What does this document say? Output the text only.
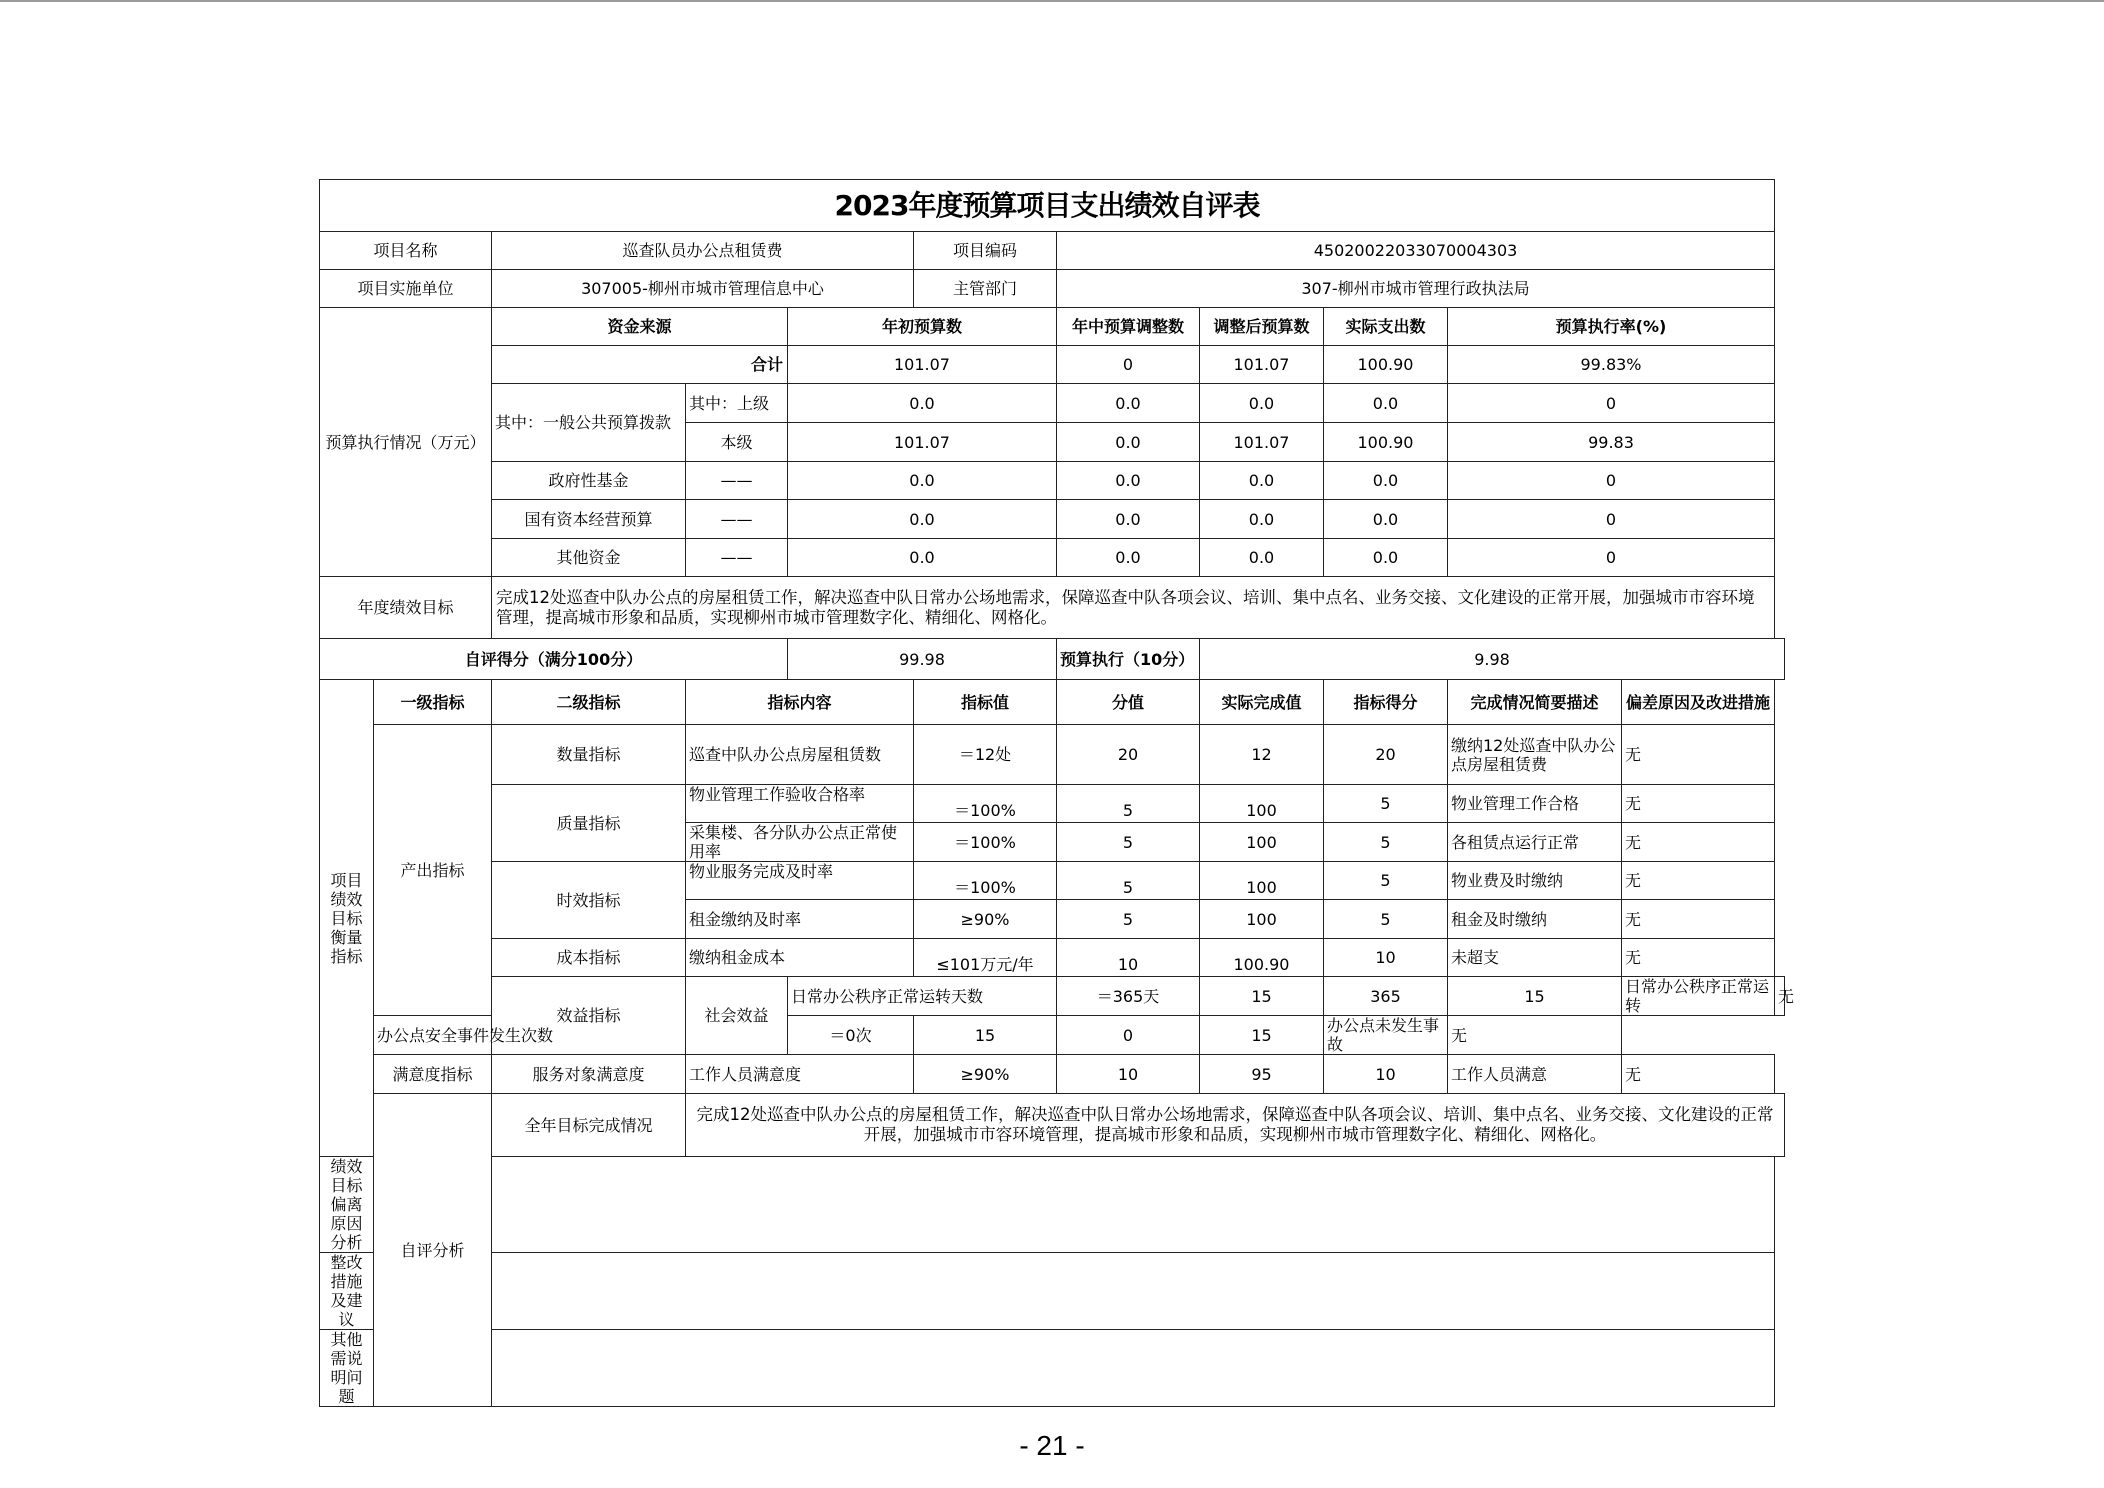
2023年度预算项目支出绩效自评表											
项目名称		巡查队员办公点租赁费			项目编码	45020022033070004303					
项目实施单位		307005-柳州市城市管理信息中心			主管部门	307-柳州市城市管理行政执法局					
预算执行情况（万元）		资金来源		年初预算数		年中预算调整数	调整后预算数	实际支出数	预算执行率(%)		
		合计		101.07		0	101.07	100.90	99.83%		
		其中：一般公共预算拨款	其中：上级	0.0		0.0	0.0	0.0	0		
			本级	101.07		0.0	101.07	100.90	99.83		
		政府性基金	——	0.0		0.0	0.0	0.0	0		
		国有资本经营预算	——	0.0		0.0	0.0	0.0	0		
		其他资金	——	0.0		0.0	0.0	0.0	0		
年度绩效目标		完成12处巡查中队办公点的房屋租赁工作，解决巡查中队日常办公场地需求，保障巡查中队各项会议、培训、集中点名、业务交接、文化建设的正常开展，加强城市市容环境管理，提高城市形象和品质，实现柳州市城市管理数字化、精细化、网格化。									
自评得分（满分100分）				99.98		预算执行（10分）	9.98				
项目绩效目标衡量指标	一级指标	二级指标	指标内容		指标值	分值	实际完成值	指标得分	完成情况简要描述	偏差原因及改进措施	
	产出指标	数量指标	巡查中队办公点房屋租赁数		＝12处	20	12	20	缴纳12处巡查中队办公点房屋租赁费	无	
		质量指标	物业管理工作验收合格率		＝100%	5	100	5	物业管理工作合格	无	
			采集楼、各分队办公点正常使用率		＝100%	5	100	5	各租赁点运行正常	无	
		时效指标	物业服务完成及时率		＝100%	5	100	5	物业费及时缴纳	无	
			租金缴纳及时率		≥90%	5	100	5	租金及时缴纳	无	
		成本指标	缴纳租金成本		≤101万元/年	10	100.90	10	未超支	无	
		效益指标	社会效益	日常办公秩序正常运转天数		＝365天	15	365	15	日常办公秩序正常运转	无
	办公点安全事件发生次数			＝0次	15	0	15	办公点未发生事故	无		
	满意度指标	服务对象满意度	工作人员满意度		≥90%	10	95	10	工作人员满意	无	
	自评分析	全年目标完成情况	完成12处巡查中队办公点的房屋租赁工作，解决巡查中队日常办公场地需求，保障巡查中队各项会议、培训、集中点名、业务交接、文化建设的正常开展，加强城市市容环境管理，提高城市形象和品质，实现柳州市城市管理数字化、精细化、网格化。								
绩效目标偏离原因分析											
整改措施及建议											
其他需说明问题											
- 21 -
